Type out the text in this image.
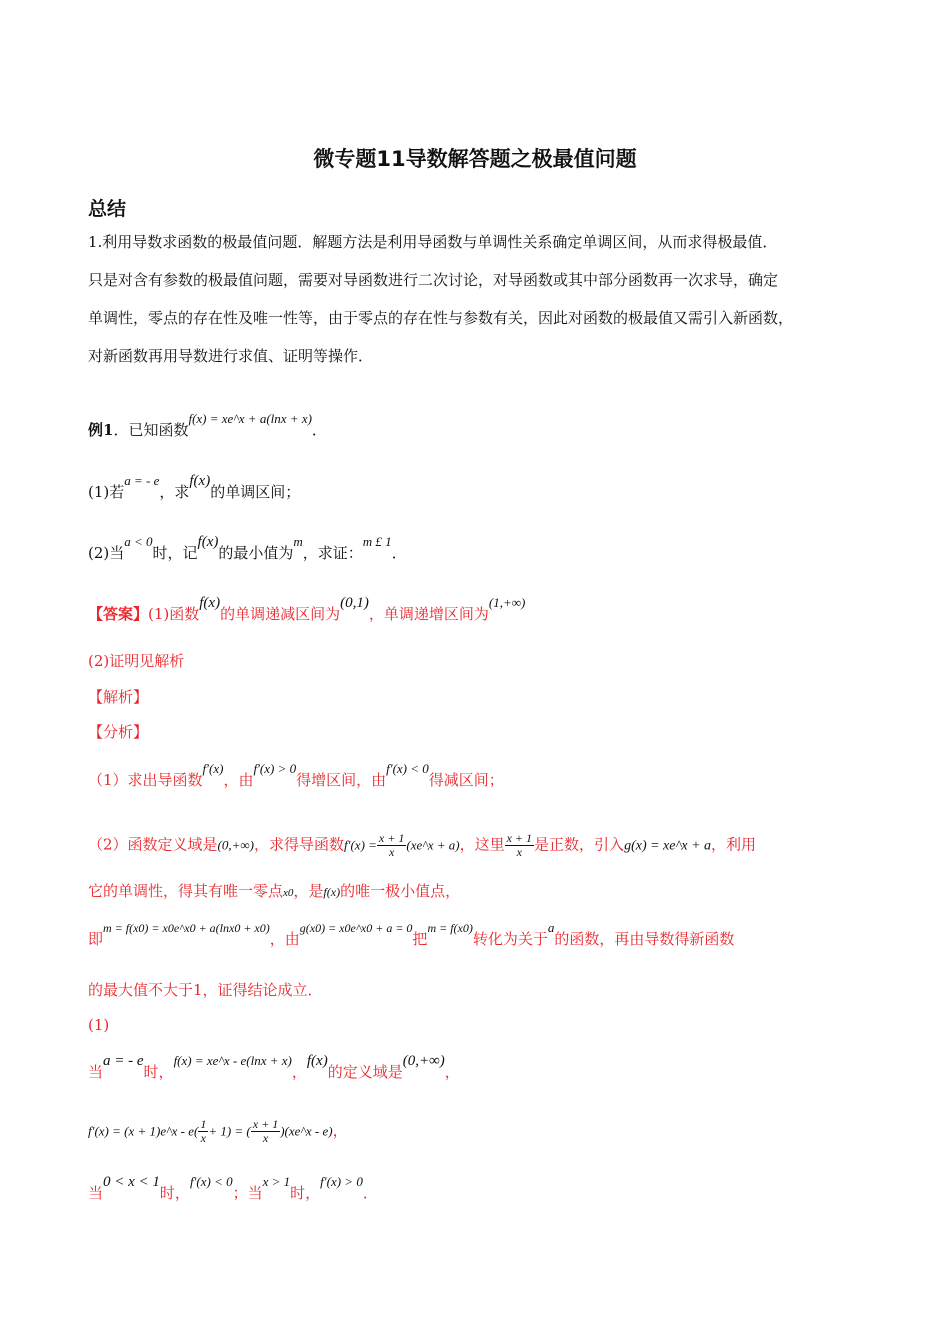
微专题11导数解答题之极最值问题
总结
1.利用导数求函数的极最值问题．解题方法是利用导函数与单调性关系确定单调区间，从而求得极最值．
只是对含有参数的极最值问题，需要对导函数进行二次讨论，对导函数或其中部分函数再一次求导，确定
单调性，零点的存在性及唯一性等，由于零点的存在性与参数有关，因此对函数的极最值又需引入新函数，
对新函数再用导数进行求值、证明等操作．
例1．已知函数f(x) = xe^x + a(lnx + x)．
(1)若a = - e，求f(x)的单调区间；
(2)当a < 0时，记f(x)的最小值为m，求证：m £ 1．
【答案】(1)函数f(x)的单调递减区间为(0,1)，单调递增区间为(1,+∞)
(2)证明见解析
【解析】
【分析】
（1）求出导函数f′(x)，由f′(x) > 0得增区间，由f′(x) < 0得减区间；
（2）函数定义域是(0,+∞)，求得导函数$f'(x) = \frac{x + 1}{x}$ (xe^x + a)，这里 $\frac{x + 1}{x}$ 是正数，引入g(x) = xe^x + a，利用
它的单调性，得其有唯一零点x0，是f(x)的唯一极小值点，
即$^{m = f(x0) = x0e\^{}x0 + a(lnx0 + x0)}$，由$^{g(x0) = x0e\^{}x0 + a = 0}$把$^{m = f(x0)}$转化为关于a的函数，再由导数得新函数
的最大值不大于1，证得结论成立．
(1)
当a = - e时，f(x) = xe^x - e(lnx + x)，f(x)的定义域是(0,+∞)，
f′(x) = (x + 1)e^x - $e( \frac{1}{x} + 1)$ = ( $\frac{x + 1}{x}$ )(xe^x - e)，
当0 < x < 1时，f′(x) < 0；当x > 1时，f′(x) > 0．
